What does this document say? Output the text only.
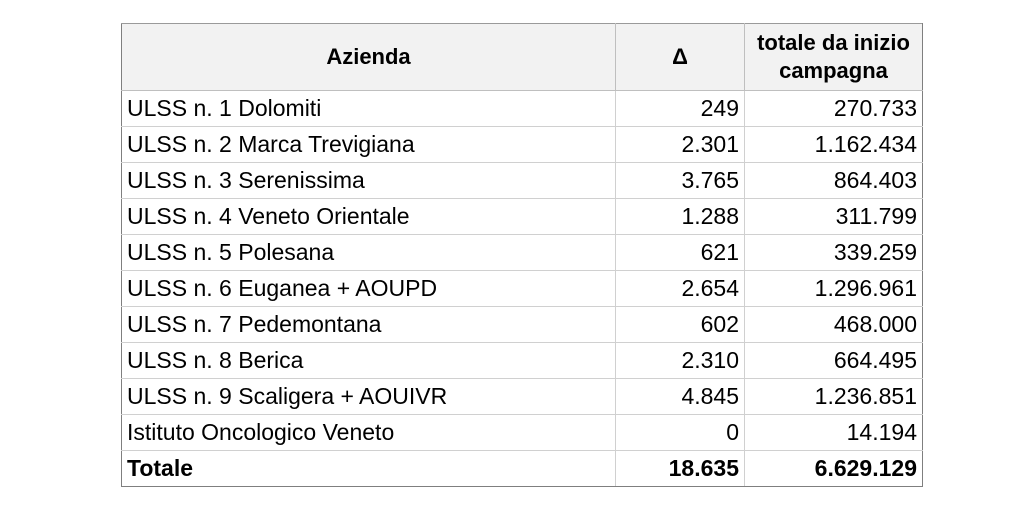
Azienda	Δ	totale da inizio campagna
ULSS n. 1 Dolomiti	249	270.733
ULSS n. 2 Marca Trevigiana	2.301	1.162.434
ULSS n. 3 Serenissima	3.765	864.403
ULSS n. 4 Veneto Orientale	1.288	311.799
ULSS n. 5 Polesana	621	339.259
ULSS n. 6 Euganea + AOUPD	2.654	1.296.961
ULSS n. 7 Pedemontana	602	468.000
ULSS n. 8 Berica	2.310	664.495
ULSS n. 9 Scaligera + AOUIVR	4.845	1.236.851
Istituto Oncologico Veneto	0	14.194
Totale	18.635	6.629.129
